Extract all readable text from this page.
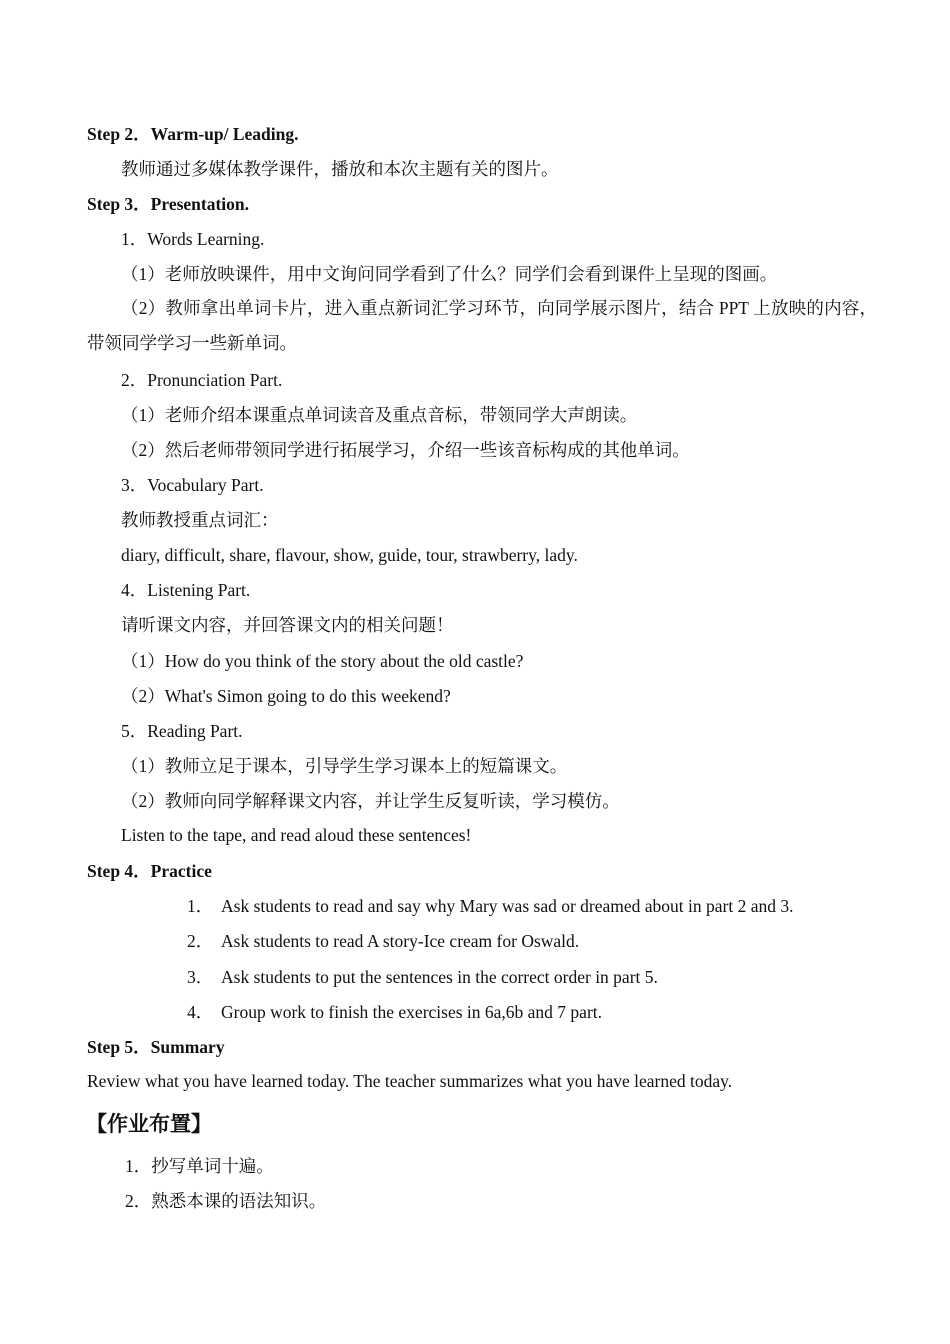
Step 2．Warm-up/ Leading.
教师通过多媒体教学课件，播放和本次主题有关的图片。
Step 3．Presentation.
1．Words Learning.
（1）老师放映课件，用中文询问同学看到了什么？同学们会看到课件上呈现的图画。
（2）教师拿出单词卡片，进入重点新词汇学习环节，向同学展示图片，结合 PPT 上放映的内容，带领同学学习一些新单词。
2．Pronunciation Part.
（1）老师介绍本课重点单词读音及重点音标，带领同学大声朗读。
（2）然后老师带领同学进行拓展学习，介绍一些该音标构成的其他单词。
3．Vocabulary Part.
教师教授重点词汇：
diary, difficult, share, flavour, show, guide, tour, strawberry, lady.
4．Listening Part.
请听课文内容，并回答课文内的相关问题！
（1）How do you think of the story about the old castle?
（2）What's Simon going to do this weekend?
5．Reading Part.
（1）教师立足于课本，引导学生学习课本上的短篇课文。
（2）教师向同学解释课文内容，并让学生反复听读，学习模仿。
Listen to the tape, and read aloud these sentences!
Step 4．Practice
1． Ask students to read and say why Mary was sad or dreamed about in part 2 and 3.
2． Ask students to read A story-Ice cream for Oswald.
3． Ask students to put the sentences in the correct order in part 5.
4． Group work to finish the exercises in 6a,6b and 7 part.
Step 5．Summary
Review what you have learned today. The teacher summarizes what you have learned today.
【作业布置】
1．抄写单词十遍。
2．熟悉本课的语法知识。
